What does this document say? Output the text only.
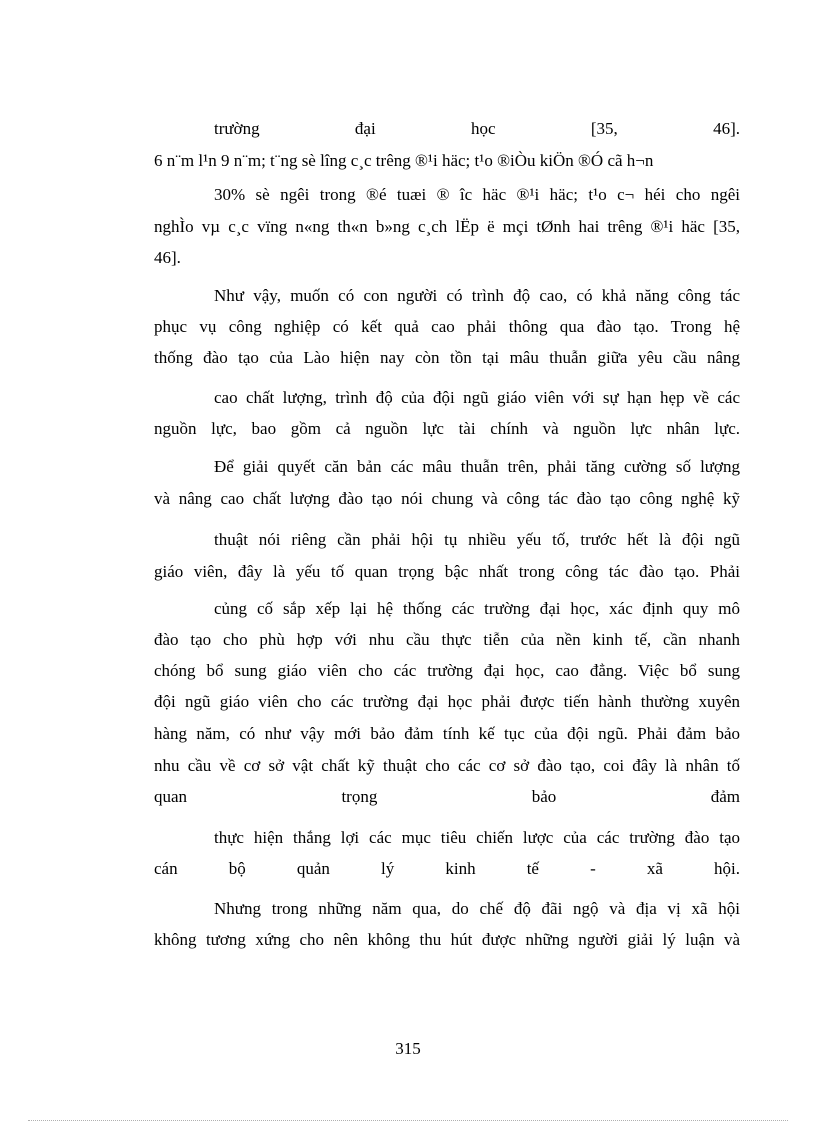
trường đại học [35, 46].
6 n¨m l¹n 9 n¨m; t¨ng sè lîng c¸c trêng ®¹i häc; t¹o ®iÒu kiÖn ®Ó cã h¬n
30% sè ngêi trong ®é tuæi ® îc häc ®¹i häc; t¹o c¬ héi cho ngêi
nghÌo vµ c¸c vïng n«ng th«n b»ng c¸ch lËp ë mçi tØnh hai trêng ®¹i häc [35,
46].
Như vậy, muốn có con người có trình độ cao, có khả năng công tác
phục vụ công nghiệp có kết quả cao phải thông qua đào tạo. Trong hệ
thống đào tạo của Lào hiện nay còn tồn tại mâu thuẫn giữa yêu cầu nâng
cao chất lượng, trình độ của đội ngũ giáo viên với sự hạn hẹp về các
nguồn lực, bao gồm cả nguồn lực tài chính và nguồn lực nhân lực.
Để giải quyết căn bản các mâu thuẫn trên, phải tăng cường số lượng
và nâng cao chất lượng đào tạo nói chung và công tác đào tạo công nghệ kỹ
thuật nói riêng cần phải hội tụ nhiều yếu tố, trước hết là đội ngũ
giáo viên, đây là yếu tố quan trọng bậc nhất trong công tác đào tạo. Phải
củng cố sắp xếp lại hệ thống các trường đại học, xác định quy mô
đào tạo cho phù hợp với nhu cầu thực tiễn của nền kinh tế, cần nhanh
chóng bổ sung giáo viên cho các trường đại học, cao đẳng. Việc bổ sung
đội ngũ giáo viên cho các trường đại học phải được tiến hành thường xuyên
hàng năm, có như vậy mới bảo đảm tính kế tục của đội ngũ. Phải đảm bảo
nhu cầu về cơ sở vật chất kỹ thuật cho các cơ sở đào tạo, coi đây là nhân tố
quan trọng bảo đảm
thực hiện thắng lợi các mục tiêu chiến lược của các trường đào tạo
cán bộ quản lý kinh tế - xã hội.
Nhưng trong những năm qua, do chế độ đãi ngộ và địa vị xã hội
không tương xứng cho nên không thu hút được những người giải lý luận và
315
